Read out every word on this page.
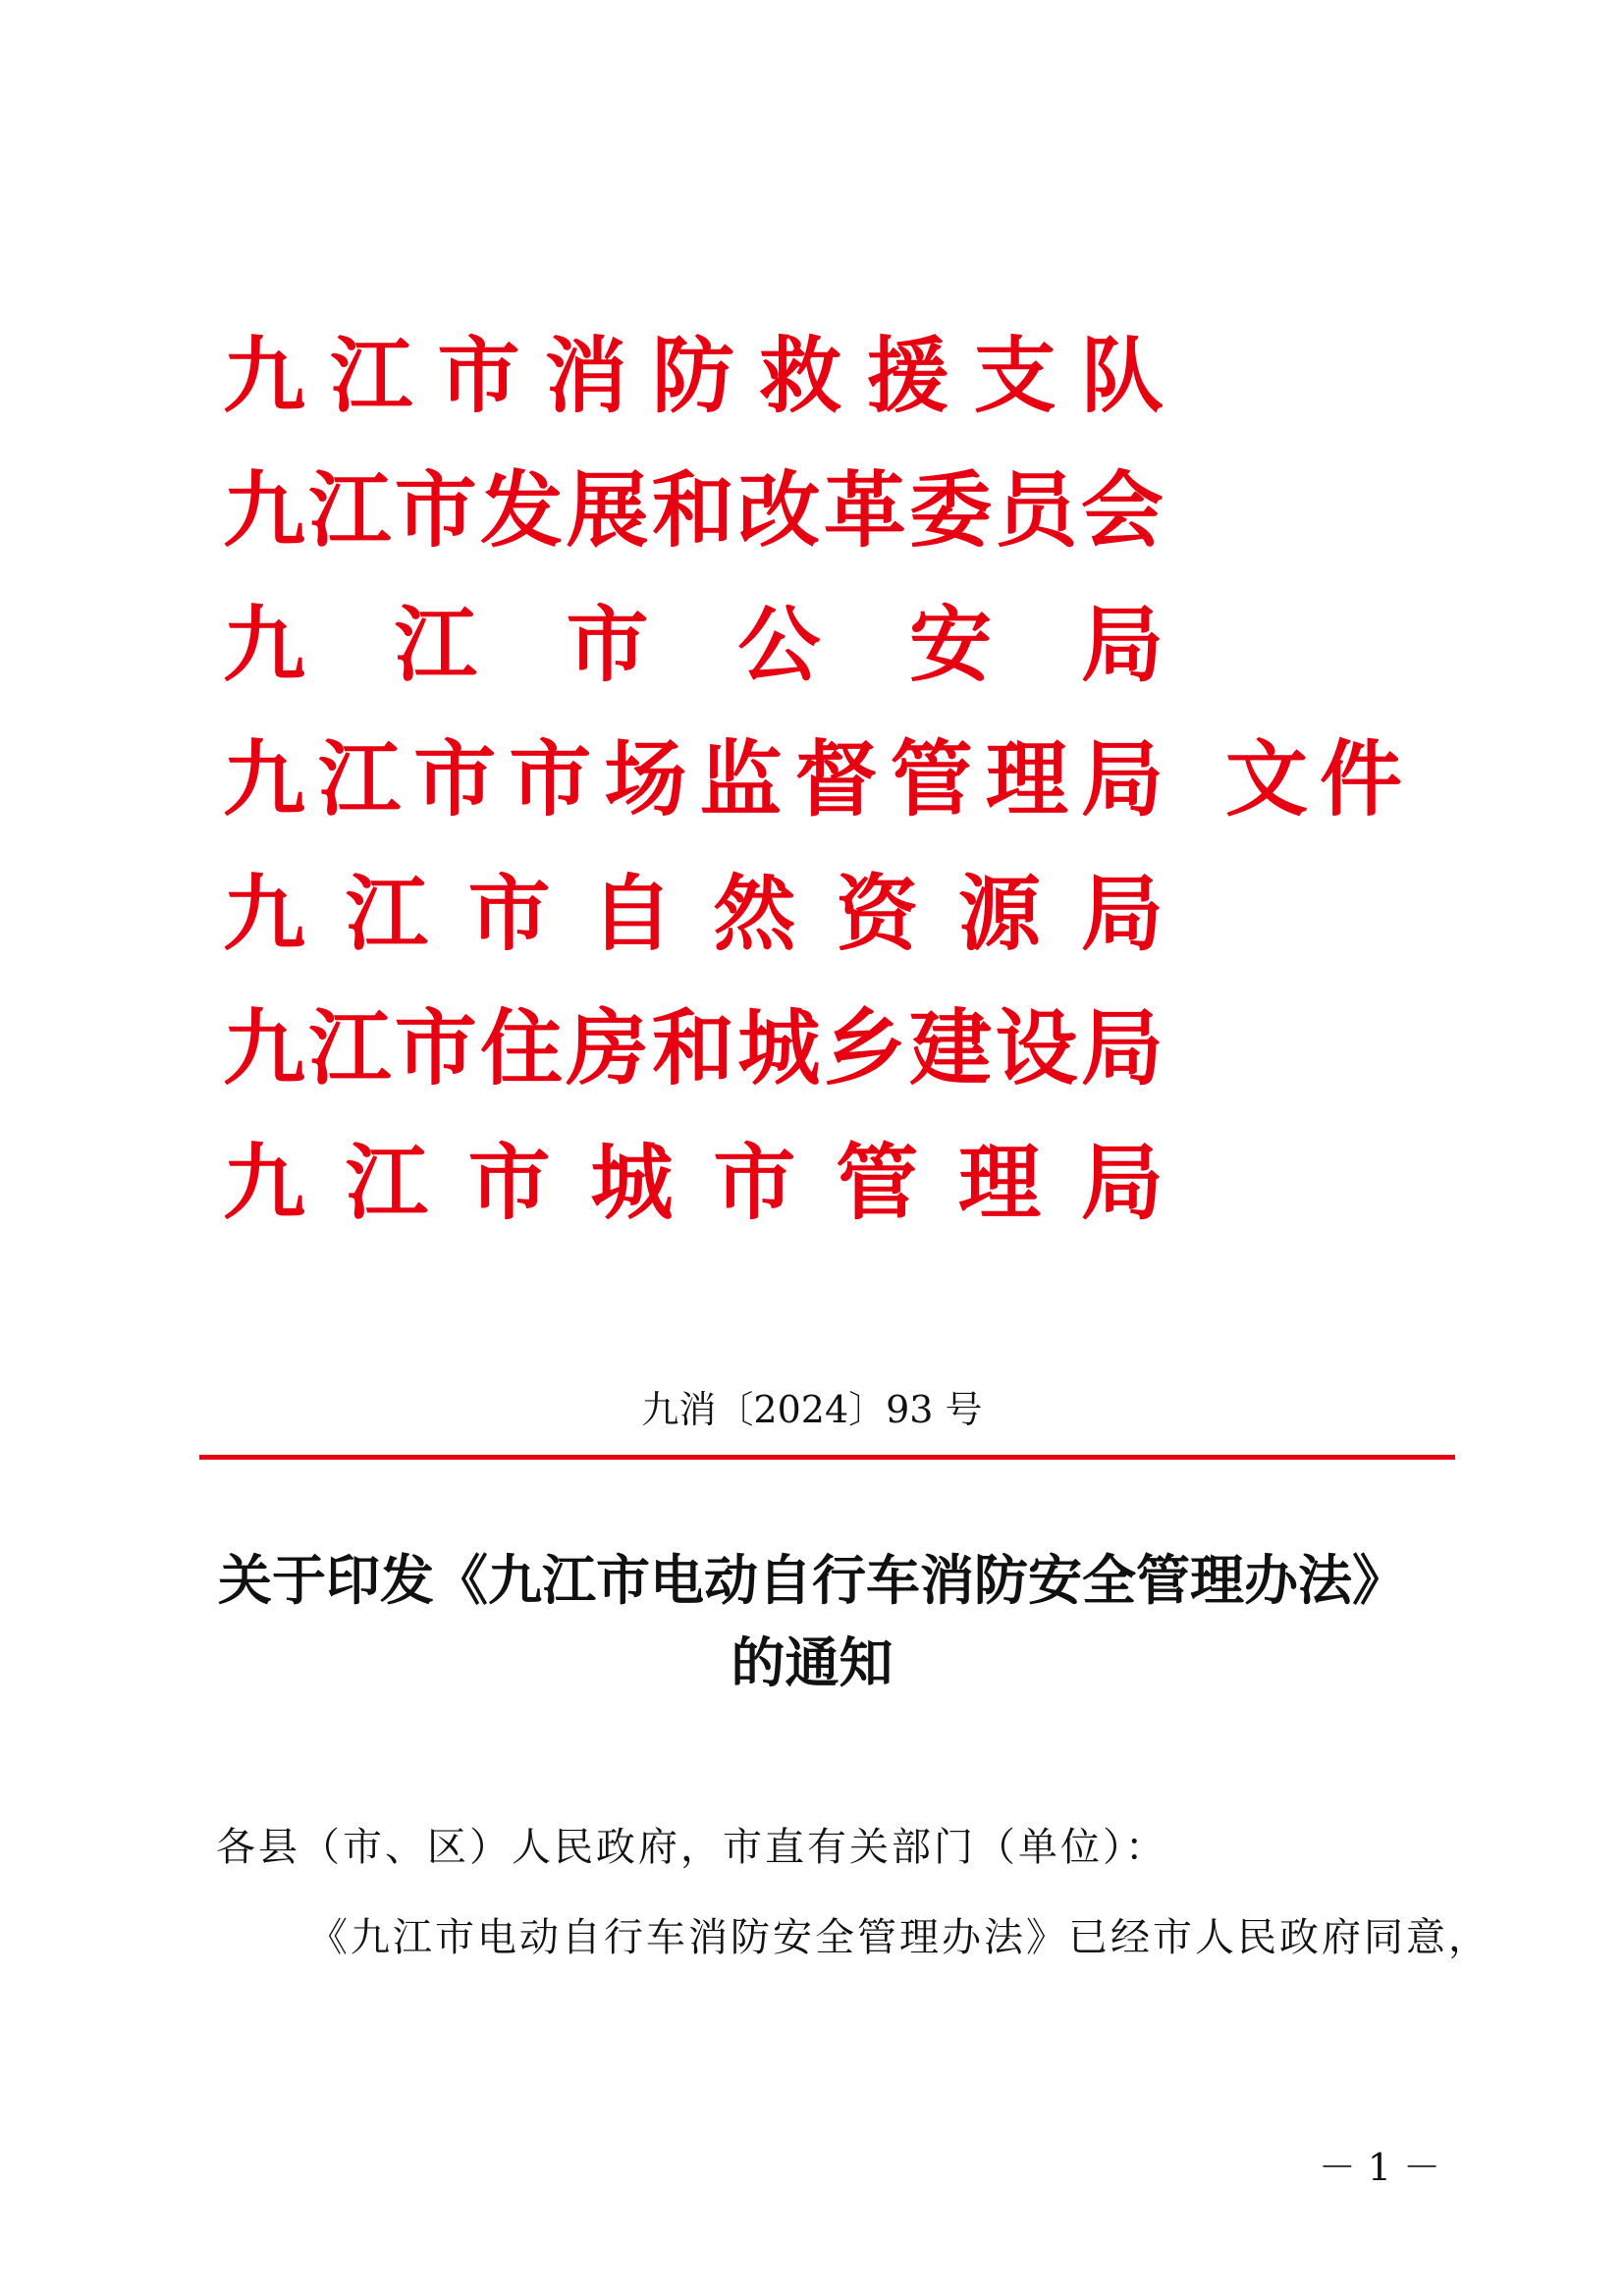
九 江 市 消 防 救 援 支 队
九 江 市 发 展 和 改 革 委 员 会
九 江 市 公 安 局
九 江 市 市 场 监 督 管 理 局
九 江 市 自 然 资 源 局
九 江 市 住 房 和 城 乡 建 设 局
九 江 市 城 市 管 理 局
文件
九消〔2024〕93 号
关于印发《九江市电动自行车消防安全管理办法》
的通知

各县（市、区）人民政府，市直有关部门（单位）：

《九江市电动自行车消防安全管理办法》已经市人民政府同意，

－ 1 －
